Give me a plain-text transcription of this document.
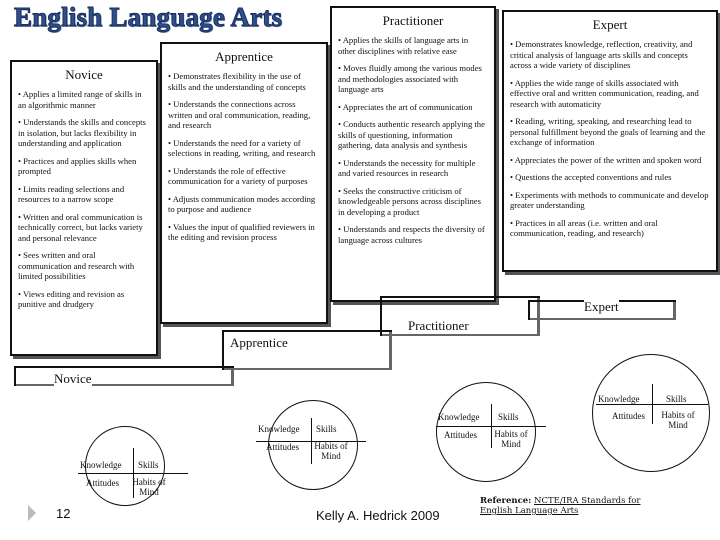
English Language Arts
Novice
• Applies a limited range of skills in an algorithmic manner
• Understands the skills and concepts in isolation, but lacks flexibility in understanding and application
• Practices and applies skills when prompted
• Limits reading selections and resources to a narrow scope
• Written and oral communication is technically correct, but lacks variety and personal relevance
• Sees written and oral communication and research with limited possibilities
• Views editing and revision as punitive and drudgery
Apprentice
• Demonstrates flexibility in the use of skills and the understanding of concepts
• Understands the connections across written and oral communication, reading, and research
• Understands the need for a variety of selections in reading, writing, and research
• Understands the role of effective communication for a variety of purposes
• Adjusts communication modes according to purpose and audience
• Values the input of qualified reviewers in the editing and revision process
Practitioner
• Applies the skills of language arts in other disciplines with relative ease
• Moves fluidly among the various modes and methodologies associated with language arts
• Appreciates the art of communication
• Conducts authentic research applying the skills of questioning, information gathering, data analysis and synthesis
• Understands the necessity for multiple and varied resources in research
• Seeks the constructive criticism of knowledgeable persons across disciplines in developing a product
• Understands and respects the diversity of language across cultures
Expert
• Demonstrates knowledge, reflection, creativity, and critical analysis of language arts skills and concepts across a wide variety of disciplines
• Applies the wide range of skills associated with effective oral and written communication, reading, and research with automaticity
• Reading, writing, speaking, and researching lead to personal fulfillment beyond the goals of learning and the exchange of information
• Appreciates the power of the written and spoken word
• Questions the accepted conventions and rules
• Experiments with methods to communicate and develop greater understanding
• Practices in all areas (i.e. written and oral communication, reading, and research)
Novice
Apprentice
Practitioner
Expert
Knowledge Skills
Attitudes Habits of Mind
Knowledge Skills
Attitudes Habits of Mind
Knowledge Skills
Attitudes Habits of Mind
Knowledge	Skills
Attitudes Habits of Mind
12	Kelly A. Hedrick 2009
Reference: NCTE/IRA Standards for English Language Arts
